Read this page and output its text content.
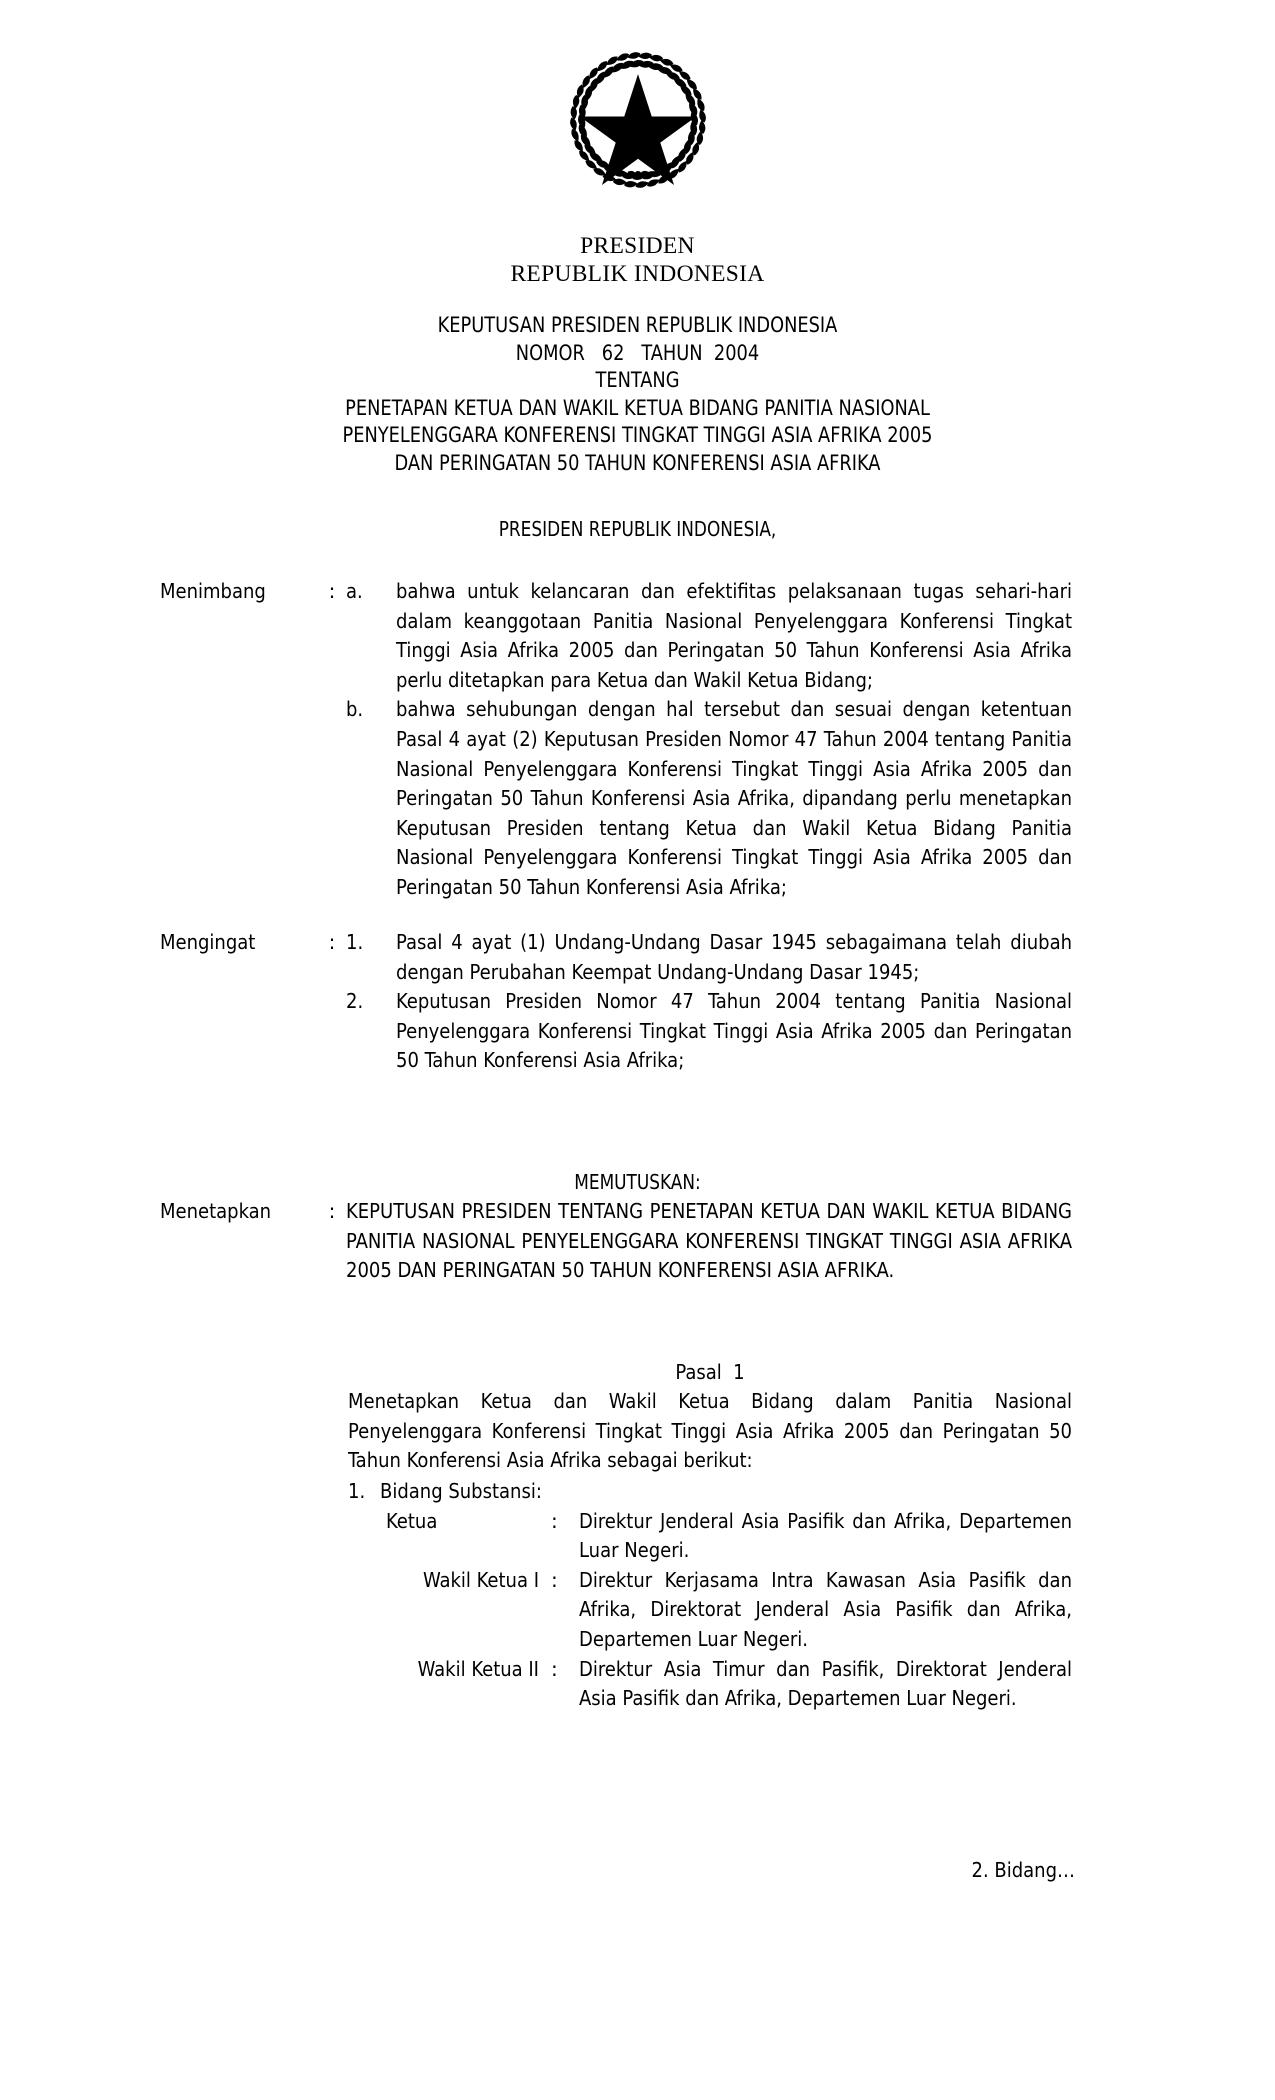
PRESIDEN
REPUBLIK INDONESIA
KEPUTUSAN PRESIDEN REPUBLIK INDONESIA
NOMOR   62   TAHUN  2004
TENTANG
PENETAPAN KETUA DAN WAKIL KETUA BIDANG PANITIA NASIONAL
PENYELENGGARA KONFERENSI TINGKAT TINGGI ASIA AFRIKA 2005
DAN PERINGATAN 50 TAHUN KONFERENSI ASIA AFRIKA
PRESIDEN REPUBLIK INDONESIA,
Menimbang	: a.	bahwa untuk kelancaran dan efektifitas pelaksanaan tugas sehari-hari dalam keanggotaan Panitia Nasional Penyelenggara Konferensi Tingkat Tinggi Asia Afrika 2005 dan Peringatan 50 Tahun Konferensi Asia Afrika perlu ditetapkan para Ketua dan Wakil Ketua Bidang;
b.	bahwa sehubungan dengan hal tersebut dan sesuai dengan ketentuan Pasal 4 ayat (2) Keputusan Presiden Nomor 47 Tahun 2004 tentang Panitia Nasional Penyelenggara Konferensi Tingkat Tinggi Asia Afrika 2005 dan Peringatan 50 Tahun Konferensi Asia Afrika, dipandang perlu menetapkan Keputusan Presiden tentang Ketua dan Wakil Ketua Bidang Panitia Nasional Penyelenggara Konferensi Tingkat Tinggi Asia Afrika 2005 dan Peringatan 50 Tahun Konferensi Asia Afrika;
Mengingat	: 1.	Pasal 4 ayat (1) Undang-Undang Dasar 1945 sebagaimana telah diubah dengan Perubahan Keempat Undang-Undang Dasar 1945;
2.	Keputusan Presiden Nomor 47 Tahun 2004 tentang Panitia Nasional Penyelenggara Konferensi Tingkat Tinggi Asia Afrika 2005 dan Peringatan 50 Tahun Konferensi Asia Afrika;
MEMUTUSKAN:
Menetapkan	: KEPUTUSAN PRESIDEN TENTANG PENETAPAN KETUA DAN WAKIL KETUA BIDANG PANITIA NASIONAL PENYELENGGARA KONFERENSI TINGKAT TINGGI ASIA AFRIKA 2005 DAN PERINGATAN 50 TAHUN KONFERENSI ASIA AFRIKA.
Pasal  1
Menetapkan Ketua dan Wakil Ketua Bidang dalam Panitia Nasional Penyelenggara Konferensi Tingkat Tinggi Asia Afrika 2005 dan Peringatan 50 Tahun Konferensi Asia Afrika sebagai berikut:
1. Bidang Substansi:
Ketua	:	Direktur Jenderal Asia Pasifik dan Afrika, Departemen Luar Negeri.
Wakil Ketua I :	Direktur Kerjasama Intra Kawasan Asia Pasifik dan Afrika, Direktorat Jenderal Asia Pasifik dan Afrika, Departemen Luar Negeri.
Wakil Ketua II :	Direktur Asia Timur dan Pasifik, Direktorat Jenderal Asia Pasifik dan Afrika, Departemen Luar Negeri.
2. Bidang…
